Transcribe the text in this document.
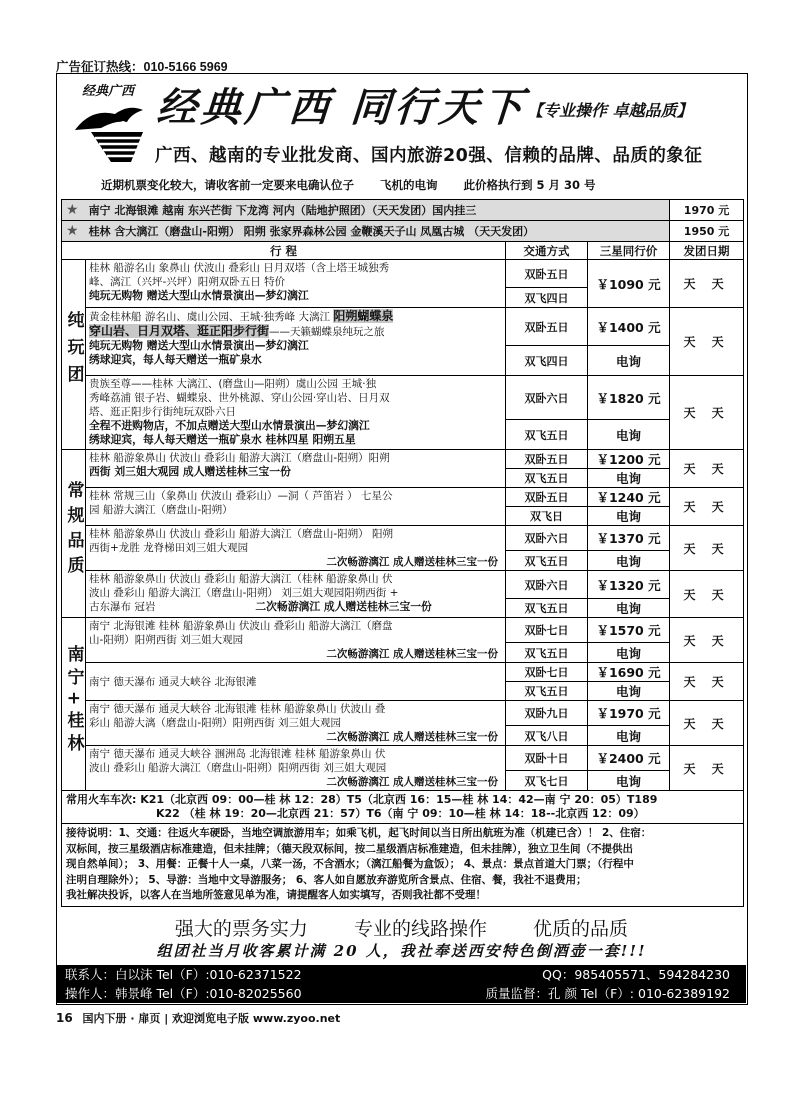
广告征订热线：010-5166 5969
经典广西 经典广西 同行天下
【专业操作 卓越品质】
广西、越南的专业批发商、国内旅游20强、信赖的品牌、品质的象征
近期机票变化较大，请收客前一定要来电确认位子 飞机的电询 此价格执行到 5 月 30 号
★ 南宁 北海银滩 越南 东兴芒街 下龙湾 河内（陆地护照团）（天天发团）国内挂三				1970 元
★ 桂林 含大漓江（磨盘山-阳朔） 阳朔 张家界森林公园 金鞭溪天子山 凤凰古城 （天天发团）				1950 元
行 程		交通方式	三星同行价	发团日期
纯玩团	桂林 船游名山 象鼻山 伏波山 叠彩山 日月双塔（含上塔王城独秀
峰、漓江（兴坪-兴坪）阳朔双卧五日 特价
纯玩无购物 赠送大型山水情景演出—梦幻漓江	双卧五日	￥1090 元	天 天
		双飞四日		

	黄金桂林船 游名山、虞山公园、王城·独秀峰 大漓江 阳朔蝴蝶泉
穿山岩、日月双塔、逛正阳步行街——天籁蝴蝶泉纯玩之旅
纯玩无购物 赠送大型山水情景演出—梦幻漓江
绣球迎宾，每人每天赠送一瓶矿泉水	双卧五日	￥1400 元	天 天
		双飞四日	电询	

	贵族至尊——桂林 大漓江、(磨盘山—阳朔）虞山公园 王城·独
秀峰荔浦 银子岩、蝴蝶泉、世外桃源、穿山公园·穿山岩、日月双
塔、逛正阳步行街纯玩双卧六日
全程不进购物店，不加点赠送大型山水情景演出—梦幻漓江
绣球迎宾，每人每天赠送一瓶矿泉水 桂林四星 阳朔五星	双卧六日	￥1820 元	天 天
		双飞五日	电询	
常规品质	桂林 船游象鼻山 伏波山 叠彩山 船游大漓江（磨盘山-阳朔）阳朔
西街 刘三姐大观园 成人赠送桂林三宝一份	双卧五日	￥1200 元	天 天
		双飞五日	电询	

	桂林 常规三山（象鼻山 伏波山 叠彩山）—洞（ 芦笛岩 ） 七星公
园 船游大漓江（磨盘山-阳朔）	双卧五日	￥1240 元	天 天
		双飞日	电询	

	桂林 船游象鼻山 伏波山 叠彩山 船游大漓江（磨盘山-阳朔） 阳朔
西街+龙胜 龙脊梯田刘三姐大观园
二次畅游漓江 成人赠送桂林三宝一份	双卧六日	￥1370 元	天 天
		双飞五日	电询	

	桂林 船游象鼻山 伏波山 叠彩山 船游大漓江（桂林 船游象鼻山 伏
波山 叠彩山 船游大漓江（磨盘山-阳朔） 刘三姐大观园阳朔西街 +
古东瀑布 冠岩 二次畅游漓江 成人赠送桂林三宝一份	双卧六日	￥1320 元	天 天
		双飞五日	电询	
南宁+桂林	南宁 北海银滩 桂林 船游象鼻山 伏波山 叠彩山 船游大漓江（磨盘
山-阳朔）阳朔西街 刘三姐大观园
二次畅游漓江 成人赠送桂林三宝一份	双卧七日	￥1570 元	天 天
		双飞五日	电询	

	南宁 德天瀑布 通灵大峡谷 北海银滩	双卧七日	￥1690 元	天 天
		双飞五日	电询	

	南宁 德天瀑布 通灵大峡谷 北海银滩 桂林 船游象鼻山 伏波山 叠
彩山 船游大漓（磨盘山-阳朔）阳朔西街 刘三姐大观园
二次畅游漓江 成人赠送桂林三宝一份	双卧九日	￥1970 元	天 天
		双飞八日	电询	

	南宁 德天瀑布 通灵大峡谷 涠洲岛 北海银滩 桂林 船游象鼻山 伏
波山 叠彩山 船游大漓江（磨盘山-阳朔）阳朔西街 刘三姐大观园
二次畅游漓江 成人赠送桂林三宝一份	双卧十日	￥2400 元	天 天
		双飞七日	电询	

常用火车车次: K21（北京西 09：00—桂 林 12：28）T5（北京西 16：15—桂 林 14：42—南 宁 20：05）T189
K22 （桂 林 19：20—北京西 21：57）T6（南 宁 09：10—桂 林 14：18--北京西 12：09）				

接待说明：1、交通：往返火车硬卧，当地空调旅游用车；如乘飞机，起飞时间以当日所出航班为准（机建已含）！ 2、住宿：
双标间，按三星级酒店标准建造，但未挂牌；（德天段双标间，按二星级酒店标准建造，但未挂牌），独立卫生间（不提供出
现自然单间）； 3、用餐：正餐十人一桌，八菜一汤，不含酒水；（漓江船餐为盒饭）； 4、景点：景点首道大门票；（行程中
注明自理除外）； 5、导游：当地中文导游服务； 6、客人如自愿放弃游览所含景点、住宿、餐，我社不退费用；
我社解决投诉，以客人在当地所签意见单为准，请提醒客人如实填写，否则我社都不受理！				
强大的票务实力 专业的线路操作 优质的品质
组团社当月收客累计满 20 人，我社奉送西安特色倒酒壶一套!!!
联系人：白以沫 Tel（F）:010-62371522	QQ：985405571、594284230
操作人：韩景峰 Tel（F）:010-82025560	质量监督：孔 颜 Tel（F）: 010-62389192
16 国内下册 · 扉页 | 欢迎浏览电子版 www.zyoo.net
